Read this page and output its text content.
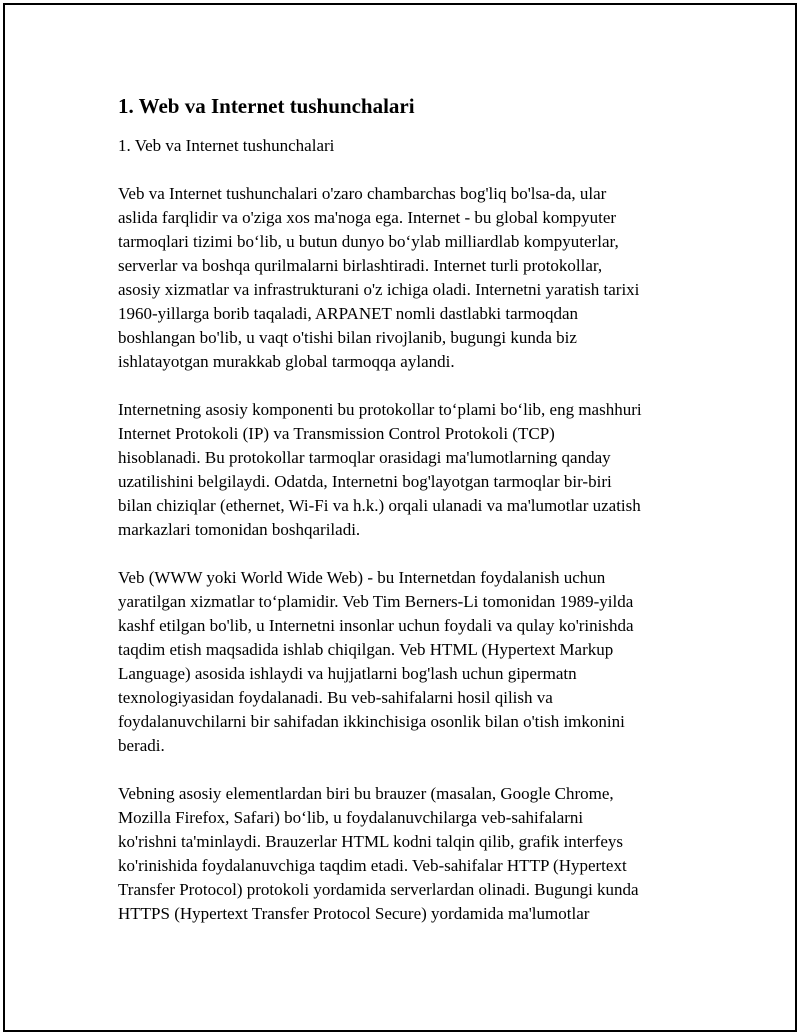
1. Web va Internet tushunchalari
1. Veb va Internet tushunchalari
Veb va Internet tushunchalari o'zaro chambarchas bog'liq bo'lsa-da, ular
aslida farqlidir va o'ziga xos ma'noga ega. Internet - bu global kompyuter
tarmoqlari tizimi bo‘lib, u butun dunyo bo‘ylab milliardlab kompyuterlar,
serverlar va boshqa qurilmalarni birlashtiradi. Internet turli protokollar,
asosiy xizmatlar va infrastrukturani o'z ichiga oladi. Internetni yaratish tarixi
1960-yillarga borib taqaladi, ARPANET nomli dastlabki tarmoqdan
boshlangan bo'lib, u vaqt o'tishi bilan rivojlanib, bugungi kunda biz
ishlatayotgan murakkab global tarmoqqa aylandi.
Internetning asosiy komponenti bu protokollar to‘plami bo‘lib, eng mashhuri
Internet Protokoli (IP) va Transmission Control Protokoli (TCP)
hisoblanadi. Bu protokollar tarmoqlar orasidagi ma'lumotlarning qanday
uzatilishini belgilaydi. Odatda, Internetni bog'layotgan tarmoqlar bir-biri
bilan chiziqlar (ethernet, Wi-Fi va h.k.) orqali ulanadi va ma'lumotlar uzatish
markazlari tomonidan boshqariladi.
Veb (WWW yoki World Wide Web) - bu Internetdan foydalanish uchun
yaratilgan xizmatlar to‘plamidir. Veb Tim Berners-Li tomonidan 1989-yilda
kashf etilgan bo'lib, u Internetni insonlar uchun foydali va qulay ko'rinishda
taqdim etish maqsadida ishlab chiqilgan. Veb HTML (Hypertext Markup
Language) asosida ishlaydi va hujjatlarni bog'lash uchun gipermatn
texnologiyasidan foydalanadi. Bu veb-sahifalarni hosil qilish va
foydalanuvchilarni bir sahifadan ikkinchisiga osonlik bilan o'tish imkonini
beradi.
Vebning asosiy elementlardan biri bu brauzer (masalan, Google Chrome,
Mozilla Firefox, Safari) bo‘lib, u foydalanuvchilarga veb-sahifalarni
ko'rishni ta'minlaydi. Brauzerlar HTML kodni talqin qilib, grafik interfeys
ko'rinishida foydalanuvchiga taqdim etadi. Veb-sahifalar HTTP (Hypertext
Transfer Protocol) protokoli yordamida serverlardan olinadi. Bugungi kunda
HTTPS (Hypertext Transfer Protocol Secure) yordamida ma'lumotlar
